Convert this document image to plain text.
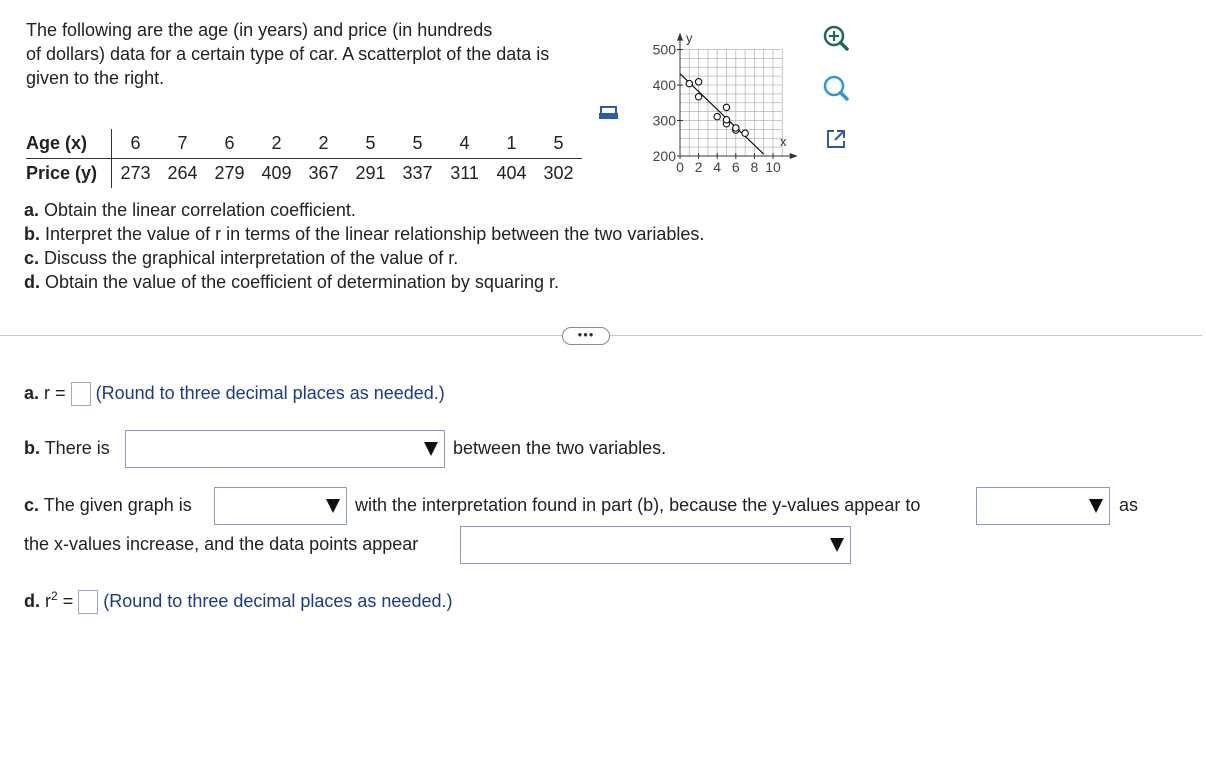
The following are the age (in years) and price (in hundreds
of dollars) data for a certain type of car. A scatterplot of the data is
given to the right.
Age (x)	6	7	6	2	2	5	5	4	1	5
Price (y)	273	264	279	409	367	291	337	311	404	302	0 2 4 6 8 10
200
300
400
500
x
y
a. Obtain the linear correlation coefficient.
b. Interpret the value of r in terms of the linear relationship between the two variables.
c. Discuss the graphical interpretation of the value of r.
d. Obtain the value of the coefficient of determination by squaring r.
•••
a. r = (Round to three decimal places as needed.)
b. There is	between the two variables.
c. The given graph is	with the interpretation found in part (b), because the y-values appear to	as
the x-values increase, and the data points appear
d. $r^2$ = (Round to three decimal places as needed.)
